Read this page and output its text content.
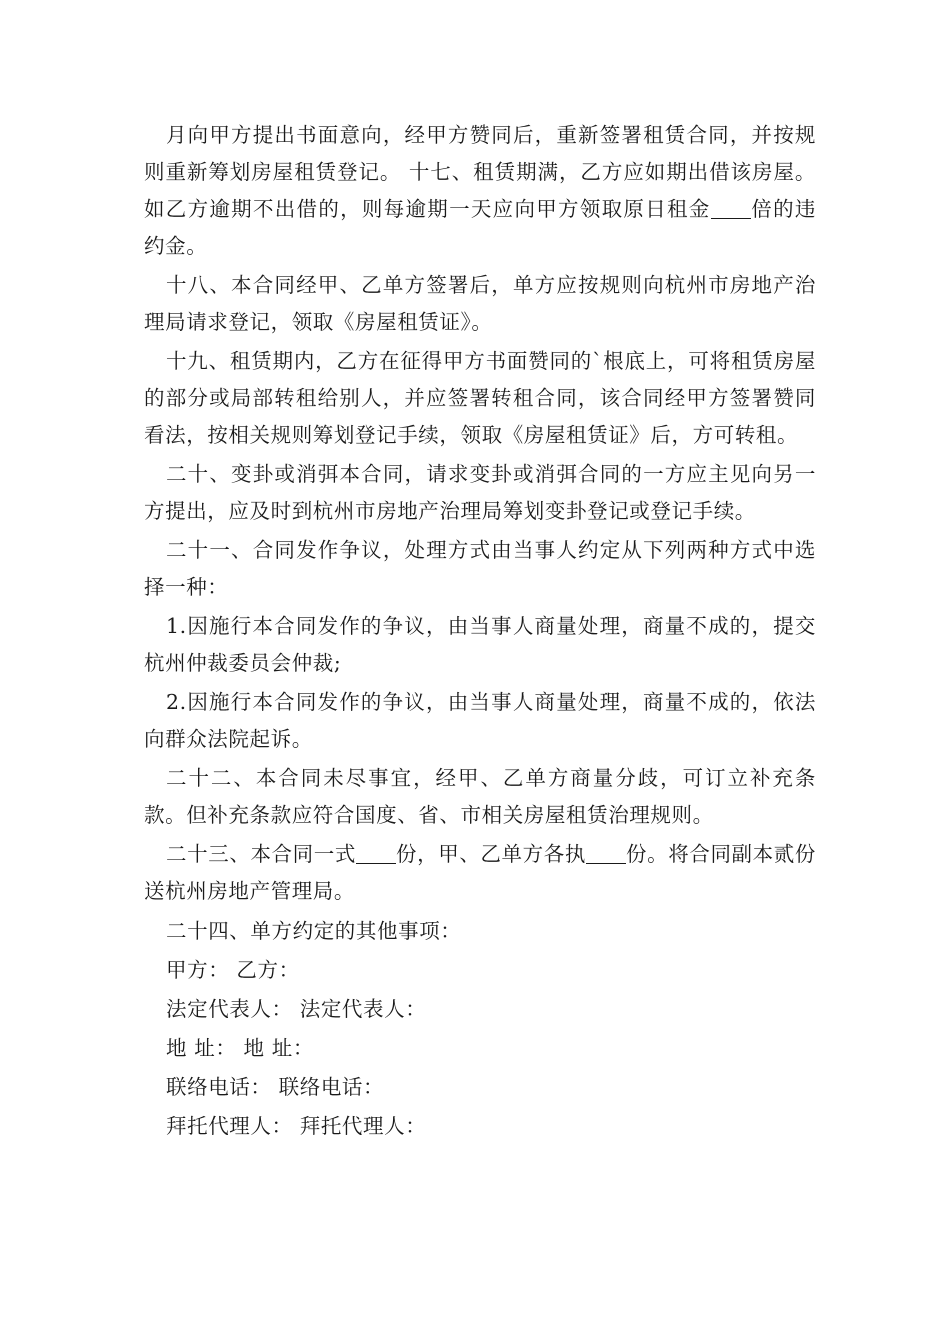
月向甲方提出书面意向，经甲方赞同后，重新签署租赁合同，并按规则重新筹划房屋租赁登记。 十七、租赁期满，乙方应如期出借该房屋。如乙方逾期不出借的，则每逾期一天应向甲方领取原日租金 倍的违约金。

十八、本合同经甲、乙单方签署后，单方应按规则向杭州市房地产治理局请求登记，领取《房屋租赁证》。

十九、租赁期内，乙方在征得甲方书面赞同的`根底上，可将租赁房屋的部分或局部转租给别人，并应签署转租合同，该合同经甲方签署赞同看法，按相关规则筹划登记手续，领取《房屋租赁证》后，方可转租。

二十、变卦或消弭本合同，请求变卦或消弭合同的一方应主见向另一方提出，应及时到杭州市房地产治理局筹划变卦登记或登记手续。

二十一、合同发作争议，处理方式由当事人约定从下列两种方式中选择一种：

1.因施行本合同发作的争议，由当事人商量处理，商量不成的，提交杭州仲裁委员会仲裁;

2.因施行本合同发作的争议，由当事人商量处理，商量不成的，依法向群众法院起诉。

二十二、本合同未尽事宜，经甲、乙单方商量分歧，可订立补充条款。但补充条款应符合国度、省、市相关房屋租赁治理规则。

二十三、本合同一式 份，甲、乙单方各执 份。将合同副本贰份送杭州房地产管理局。

二十四、单方约定的其他事项：

甲方： 乙方：

法定代表人： 法定代表人：

地 址： 地 址：

联络电话： 联络电话：

拜托代理人： 拜托代理人：
